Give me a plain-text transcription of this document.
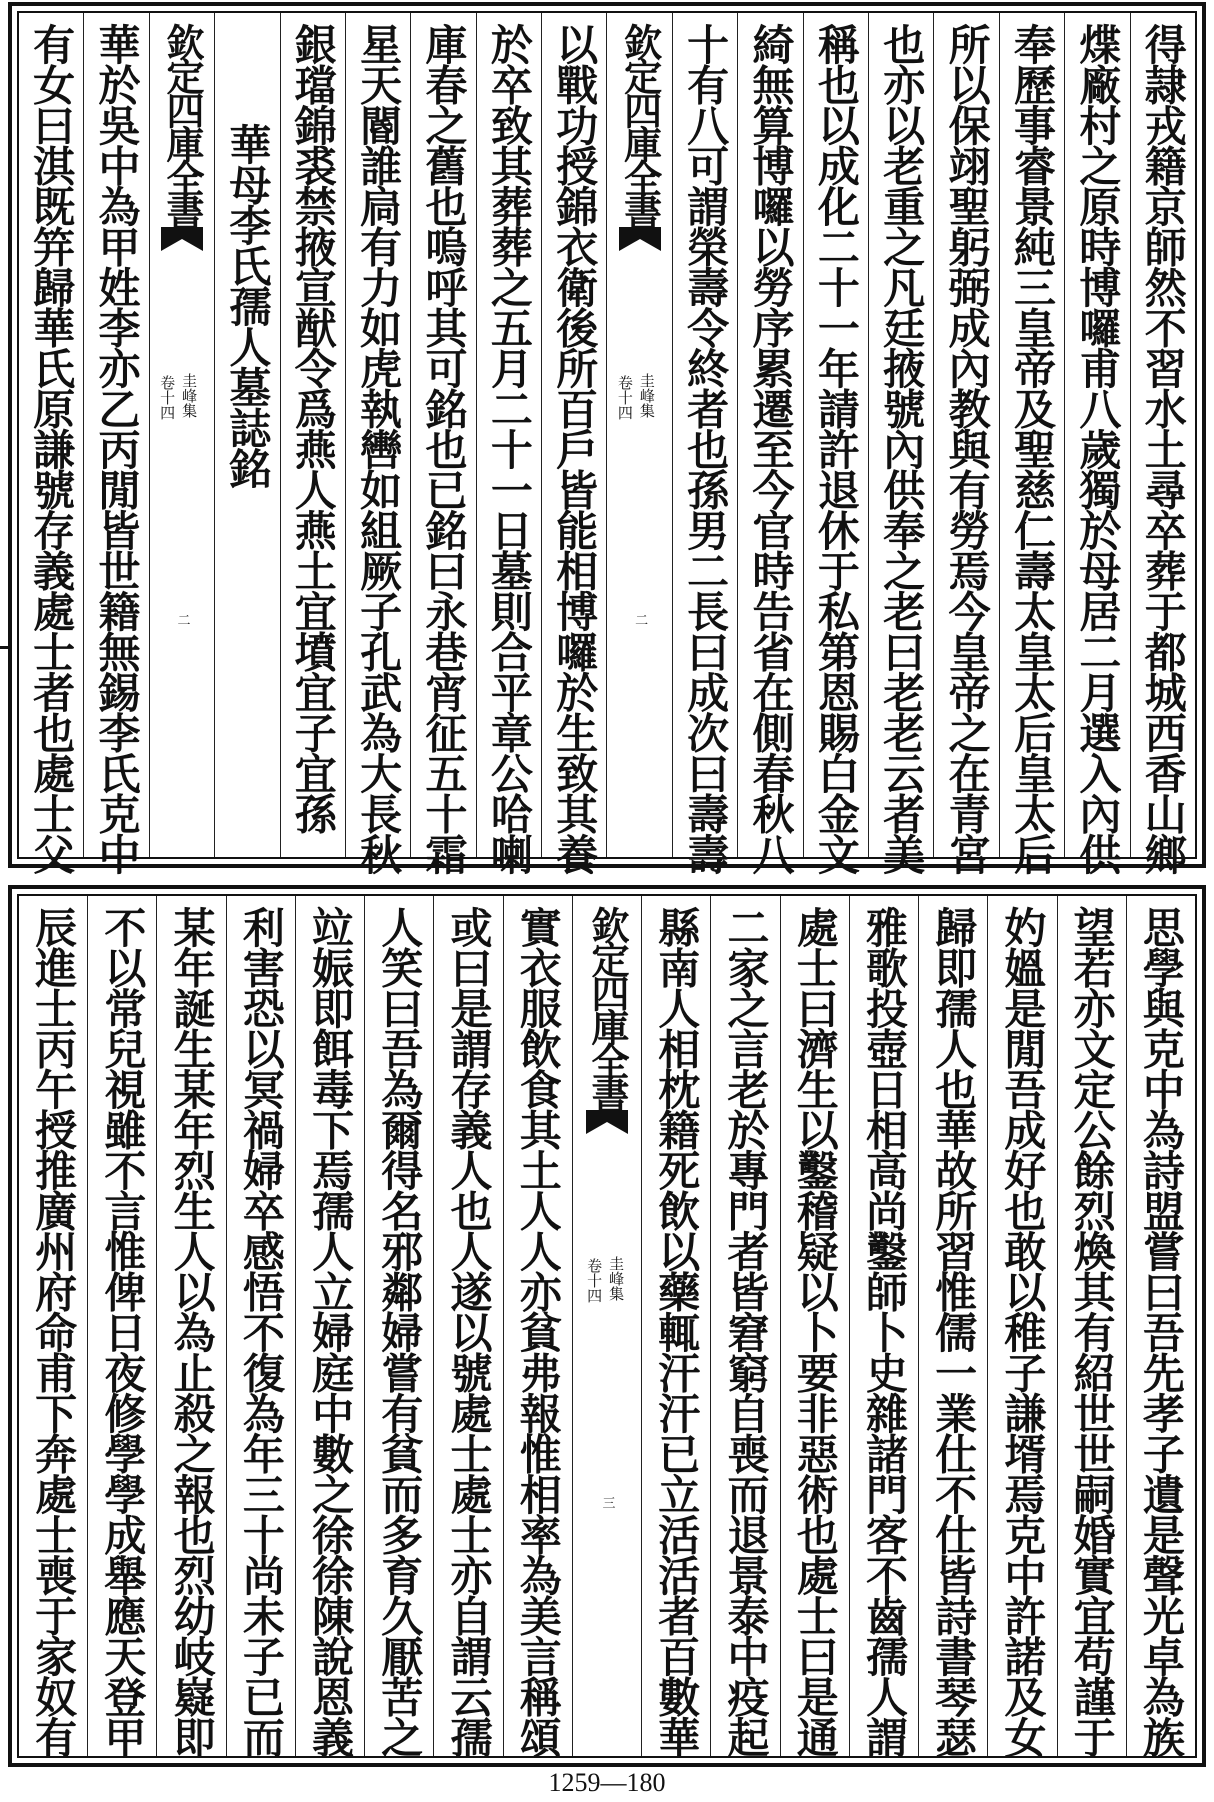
得隷戎籍京師然不習水土尋卒葬于都城西香山鄉
煠廠村之原時博囉甫八歲獨於母居二月選入內供
奉歷事睿景純三皇帝及聖慈仁壽太皇太后皇太后
所以保翊聖躬弼成內教與有勞焉今皇帝之在青宮
也亦以老重之凡廷掖號內供奉之老曰老老云者美
稱也以成化二十一年請許退休于私第恩賜白金文
綺無算博囉以勞序累遷至今官時告省在側春秋八
十有八可謂榮壽令終者也孫男二長曰成次曰壽壽
欽定四庫全書
圭峰集
卷十四
二
以戰功授錦衣衛後所百戶皆能相博囉於生致其養
於卒致其葬葬之五月二十一日墓則合平章公哈喇
庫春之舊也嗚呼其可銘也已銘曰永巷宵征五十霜
星天閽誰扃有力如虎執轡如組厥子孔武為大長秋
銀璫錦裘禁掖宣猷令爲燕人燕土宜墳宜子宜孫
華母李氏孺人墓誌銘
欽定四庫全書
圭峰集
卷十四
二
華於吳中為甲姓李亦乙丙閒皆世籍無錫李氏克中
有女曰淇既笄歸華氏原謙號存義處士者也處士父
思學與克中為詩盟嘗曰吾先孝子遺是聲光卓為族
望若亦文定公餘烈煥其有紹世世嗣婚實宜苟謹于
妁媼是閒吾成好也敢以稚子謙壻焉克中許諾及女
歸即孺人也華故所習惟儒一業仕不仕皆詩書琴瑟
雅歌投壺日相高尚鑿師卜史雜諸門客不齒孺人謂
處士曰濟生以鑿稽疑以卜要非惡術也處士曰是通
二家之言老於專門者皆窘窮自喪而退景泰中疫起
縣南人相枕籍死飲以藥輒汗汗已立活活者百數華
欽定四庫全書
圭峰集
卷十四
三
實衣服飲食其土人人亦貧弗報惟相率為美言稱頌
或曰是謂存義人也人遂以號處士處士亦自謂云孺
人笑曰吾為爾得名邪鄰婦嘗有貧而多育久厭苦之
竝娠即餌毒下焉孺人立婦庭中數之徐徐陳說恩義
利害恐以冥禍婦卒感悟不復為年三十尚未子已而
某年誕生某年烈生人以為止殺之報也烈幼岐嶷即
不以常兒視雖不言惟俾日夜修學學成舉應天登甲
辰進士丙午授推廣州府命甫下奔處士喪于家奴有
1259—180
